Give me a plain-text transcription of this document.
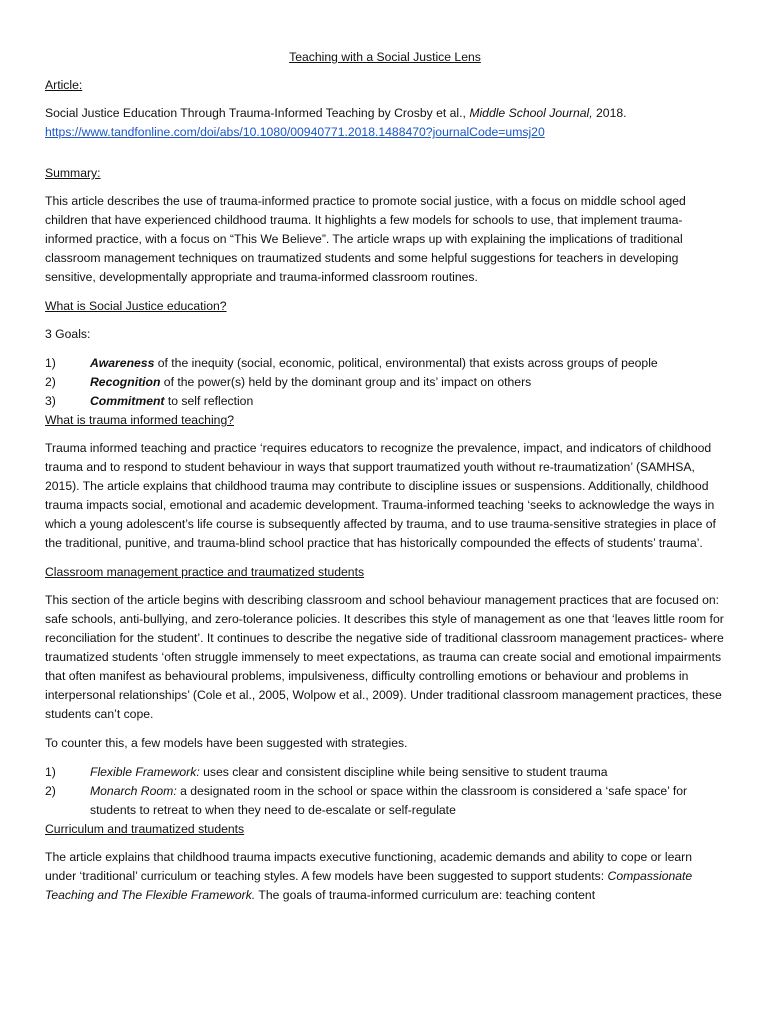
Teaching with a Social Justice Lens
Article:

Social Justice Education Through Trauma-Informed Teaching by Crosby et al., Middle School Journal, 2018.

https://www.tandfonline.com/doi/abs/10.1080/00940771.2018.1488470?journalCode=umsj20

Summary:

This article describes the use of trauma-informed practice to promote social justice, with a focus on middle school aged children that have experienced childhood trauma. It highlights a few models for schools to use, that implement trauma-informed practice, with a focus on “This We Believe”. The article wraps up with explaining the implications of traditional classroom management techniques on traumatized students and some helpful suggestions for teachers in developing sensitive, developmentally appropriate and trauma-informed classroom routines.

What is Social Justice education?

3 Goals:

1)	Awareness of the inequity (social, economic, political, environmental) that exists across groups of people
2)	Recognition of the power(s) held by the dominant group and its’ impact on others
3)	Commitment to self reflection
What is trauma informed teaching?

Trauma informed teaching and practice ‘requires educators to recognize the prevalence, impact, and indicators of childhood trauma and to respond to student behaviour in ways that support traumatized youth without re-traumatization’ (SAMHSA, 2015). The article explains that childhood trauma may contribute to discipline issues or suspensions. Additionally, childhood trauma impacts social, emotional and academic development. Trauma-informed teaching ‘seeks to acknowledge the ways in which a young adolescent’s life course is subsequently affected by trauma, and to use trauma-sensitive strategies in place of the traditional, punitive, and trauma-blind school practice that has historically compounded the effects of students’ trauma’.

Classroom management practice and traumatized students

This section of the article begins with describing classroom and school behaviour management practices that are focused on: safe schools, anti-bullying, and zero-tolerance policies. It describes this style of management as one that ‘leaves little room for reconciliation for the student’. It continues to describe the negative side of traditional classroom management practices- where traumatized students ‘often struggle immensely to meet expectations, as trauma can create social and emotional impairments that often manifest as behavioural problems, impulsiveness, difficulty controlling emotions or behaviour and problems in interpersonal relationships’ (Cole et al., 2005, Wolpow et al., 2009). Under traditional classroom management practices, these students can’t cope.

To counter this, a few models have been suggested with strategies.

1)	Flexible Framework: uses clear and consistent discipline while being sensitive to student trauma
2)	Monarch Room: a designated room in the school or space within the classroom is considered a ‘safe space’ for students to retreat to when they need to de-escalate or self-regulate
Curriculum and traumatized students

The article explains that childhood trauma impacts executive functioning, academic demands and ability to cope or learn under ‘traditional’ curriculum or teaching styles. A few models have been suggested to support students: Compassionate Teaching and The Flexible Framework. The goals of trauma-informed curriculum are: teaching content
